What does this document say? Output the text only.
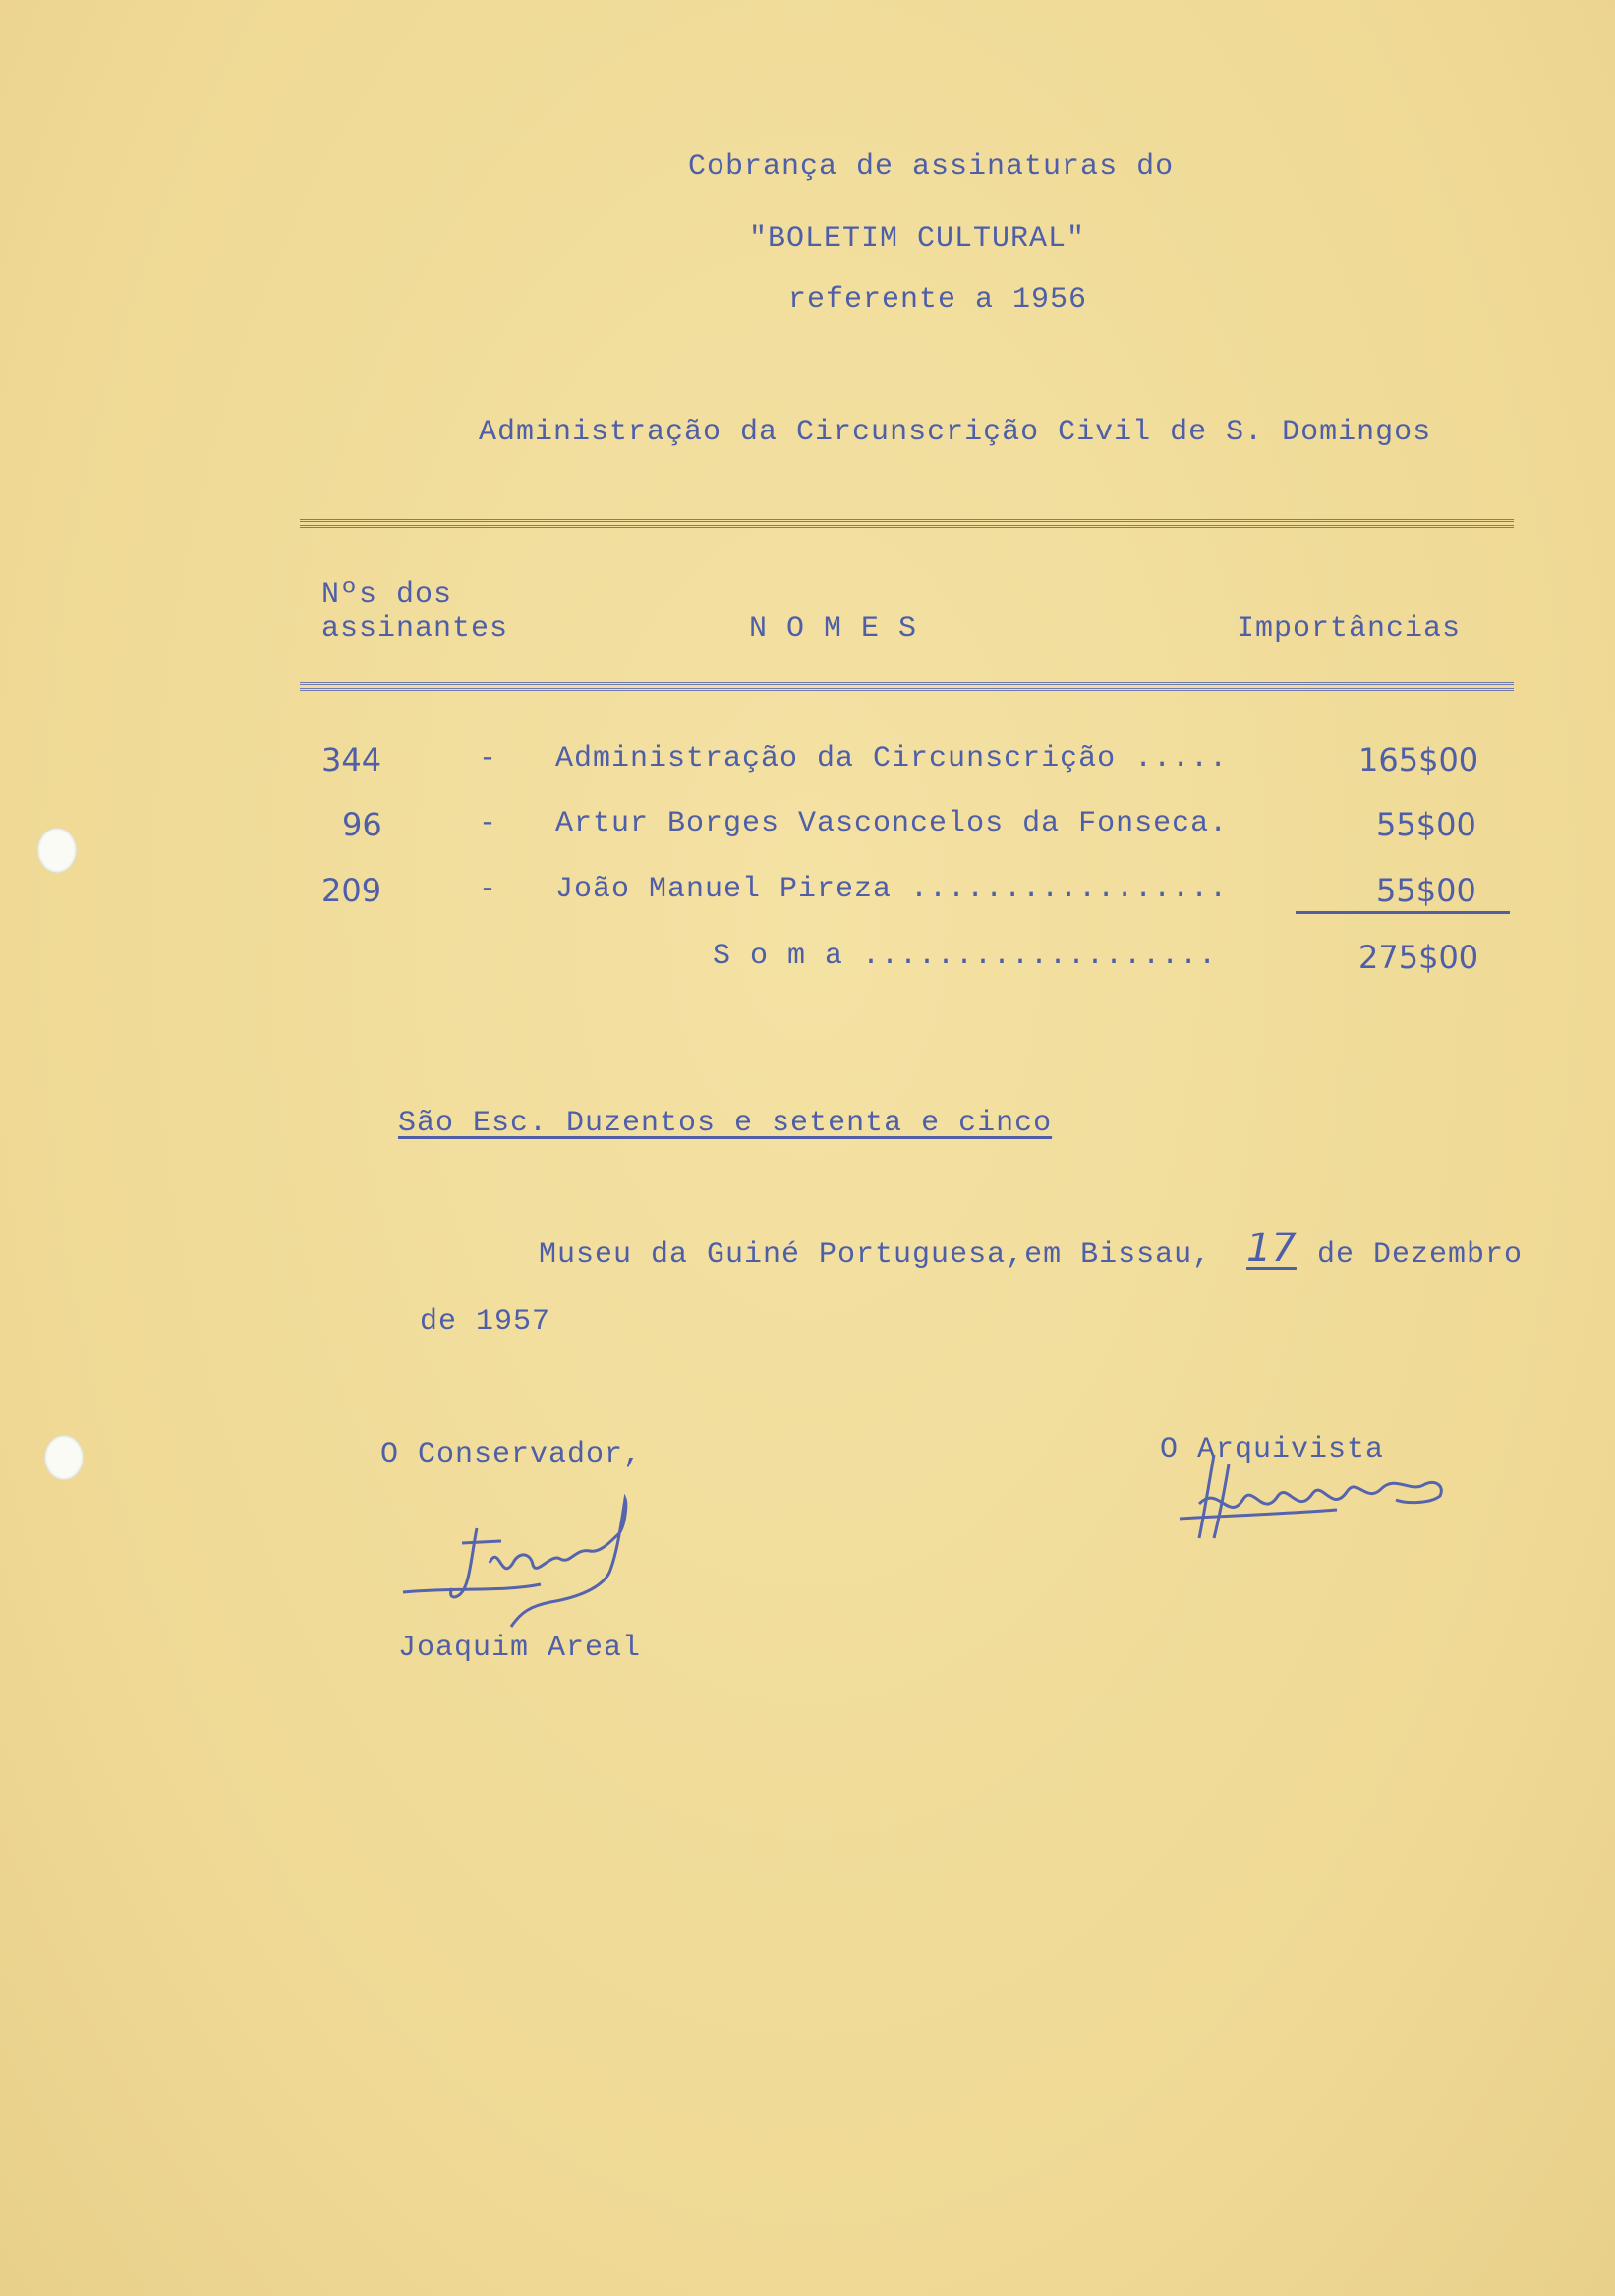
Cobrança de assinaturas do
"BOLETIM CULTURAL"
referente a 1956
Administração da Circunscrição Civil de S. Domingos
Nºs dos
assinantes	N O M E S	Importâncias
344	- Administração da Circunscrição .....	165$00
96	- Artur Borges Vasconcelos da Fonseca.	55$00
209	- João Manuel Pireza .................	55$00
S o m a ...................	275$00
São Esc. Duzentos e setenta e cinco
Museu da Guiné Portuguesa,em Bissau, 17 de Dezembro
de 1957
O Conservador,
Joaquim Areal
O Arquivista
